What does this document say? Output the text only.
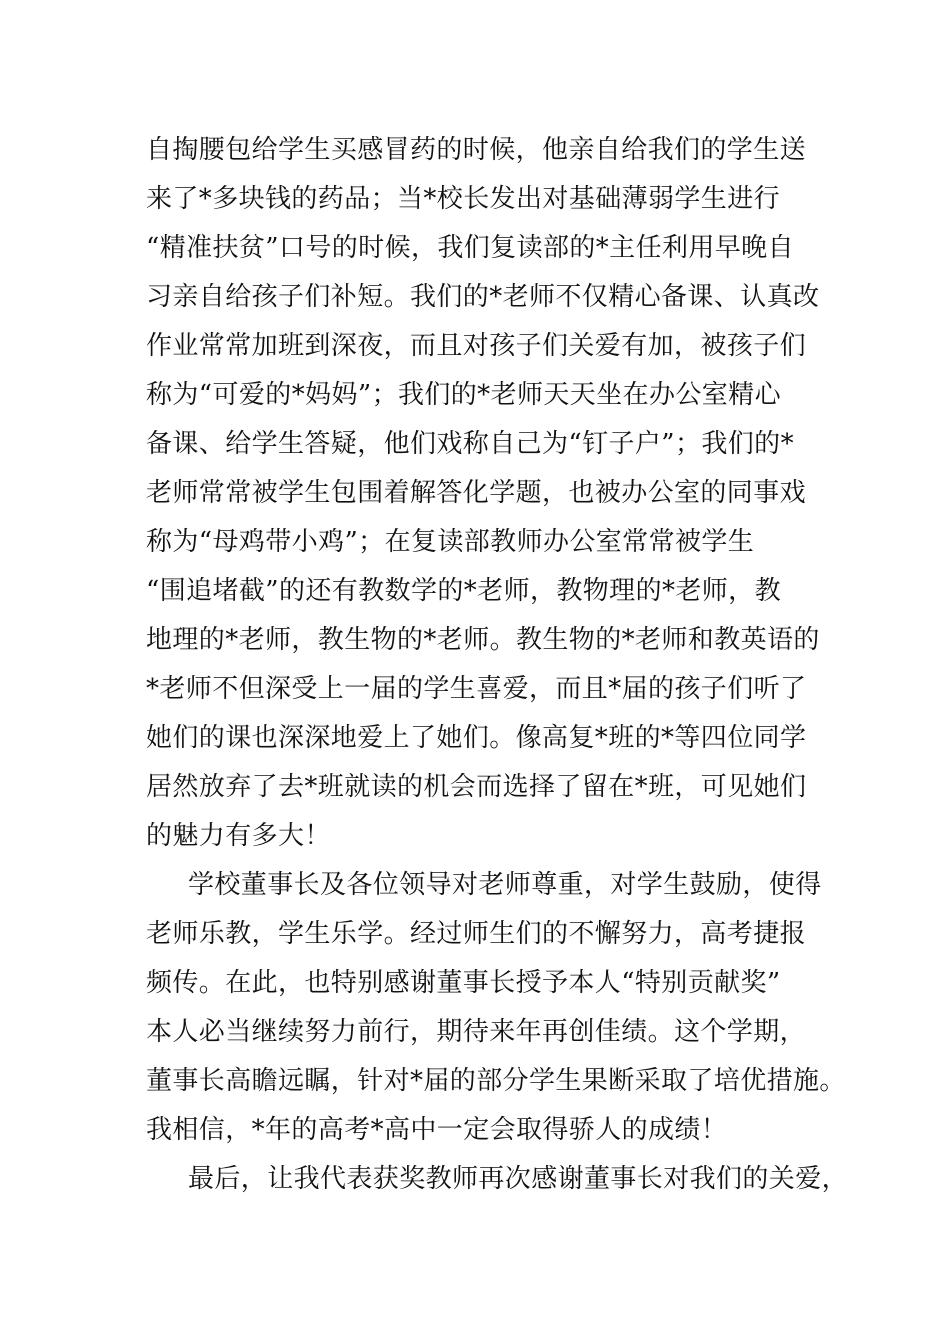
自掏腰包给学生买感冒药的时候，他亲自给我们的学生送
来了*多块钱的药品；当*校长发出对基础薄弱学生进行
“精准扶贫”口号的时候，我们复读部的*主任利用早晚自
习亲自给孩子们补短。我们的*老师不仅精心备课、认真改
作业常常加班到深夜，而且对孩子们关爱有加，被孩子们
称为“可爱的*妈妈”；我们的*老师天天坐在办公室精心
备课、给学生答疑，他们戏称自己为“钉子户”；我们的*
老师常常被学生包围着解答化学题，也被办公室的同事戏
称为“母鸡带小鸡”；在复读部教师办公室常常被学生
“围追堵截”的还有教数学的*老师，教物理的*老师，教
地理的*老师，教生物的*老师。教生物的*老师和教英语的
*老师不但深受上一届的学生喜爱，而且*届的孩子们听了
她们的课也深深地爱上了她们。像高复*班的*等四位同学
居然放弃了去*班就读的机会而选择了留在*班，可见她们
的魅力有多大！
学校董事长及各位领导对老师尊重，对学生鼓励，使得
老师乐教，学生乐学。经过师生们的不懈努力，高考捷报
频传。在此，也特别感谢董事长授予本人“特别贡献奖”
本人必当继续努力前行，期待来年再创佳绩。这个学期，
董事长高瞻远瞩，针对*届的部分学生果断采取了培优措施。
我相信，*年的高考*高中一定会取得骄人的成绩！
最后，让我代表获奖教师再次感谢董事长对我们的关爱，
